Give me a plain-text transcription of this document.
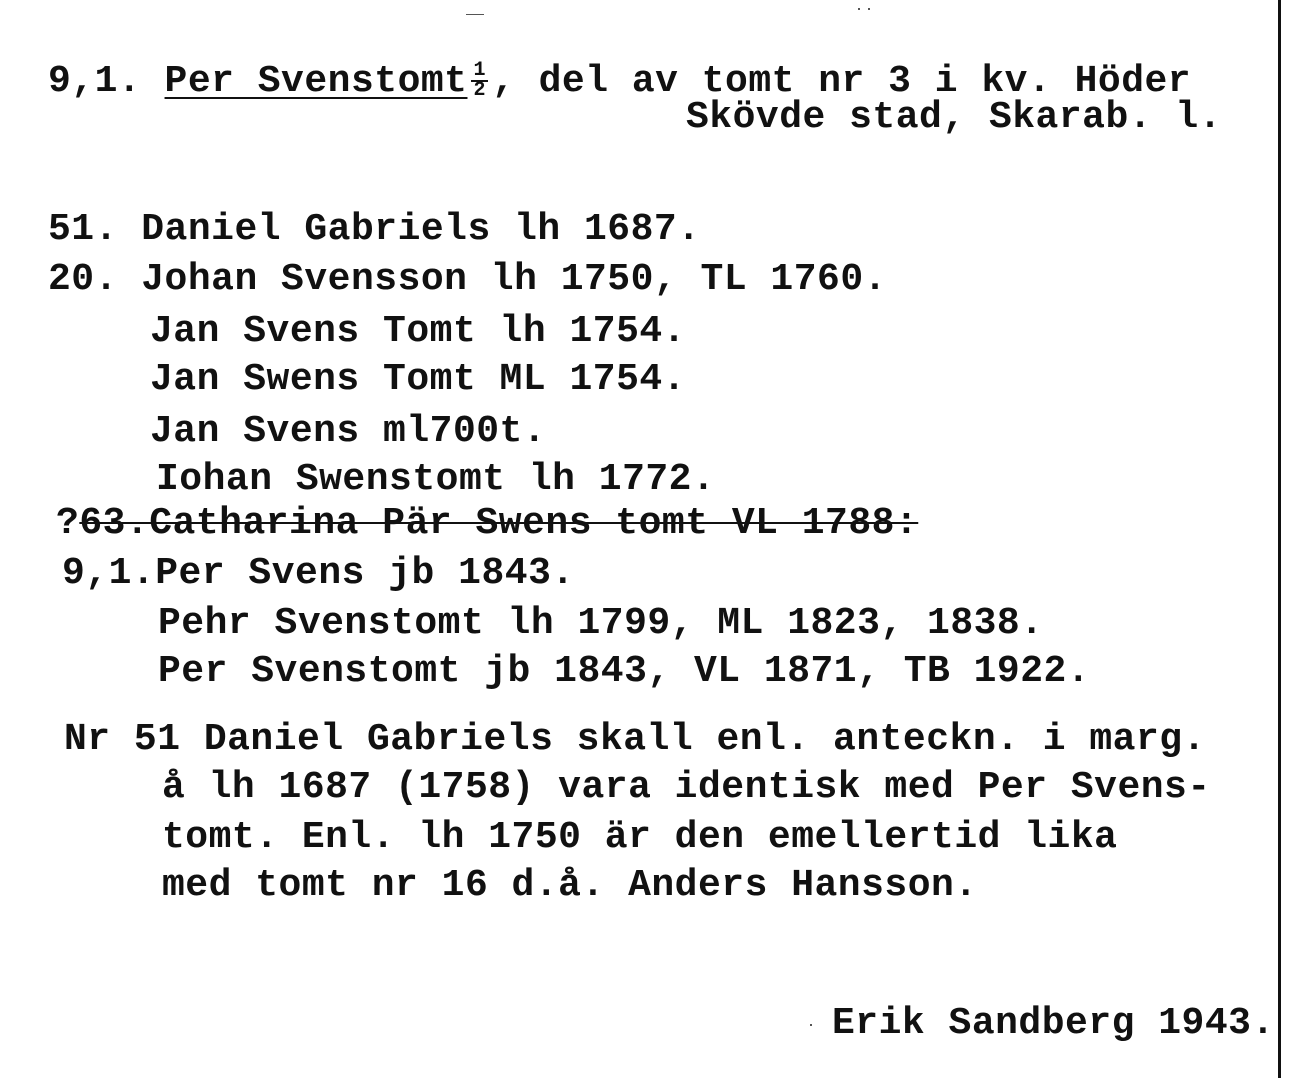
9,1. Per Svenstomt $\frac{1}{2}$ , del av tomt nr 3 i kv. Höder
Skövde stad, Skarab. l.
51. Daniel Gabriels lh 1687.
20. Johan Svensson lh 1750, TL 1760.
Jan Svens Tomt lh 1754.
Jan Swens Tomt ML 1754.
Jan Svens ml700t.
Iohan Swenstomt lh 1772.
?63.Catharina Pär Swens tomt VL 1788:
9,1.Per Svens jb 1843.
Pehr Svenstomt lh 1799, ML 1823, 1838.
Per Svenstomt jb 1843, VL 1871, TB 1922.
Nr 51 Daniel Gabriels skall enl. anteckn. i marg.
å lh 1687 (1758) vara identisk med Per Svens-
tomt. Enl. lh 1750 är den emellertid lika
med tomt nr 16 d.å. Anders Hansson.
Erik Sandberg 1943.
